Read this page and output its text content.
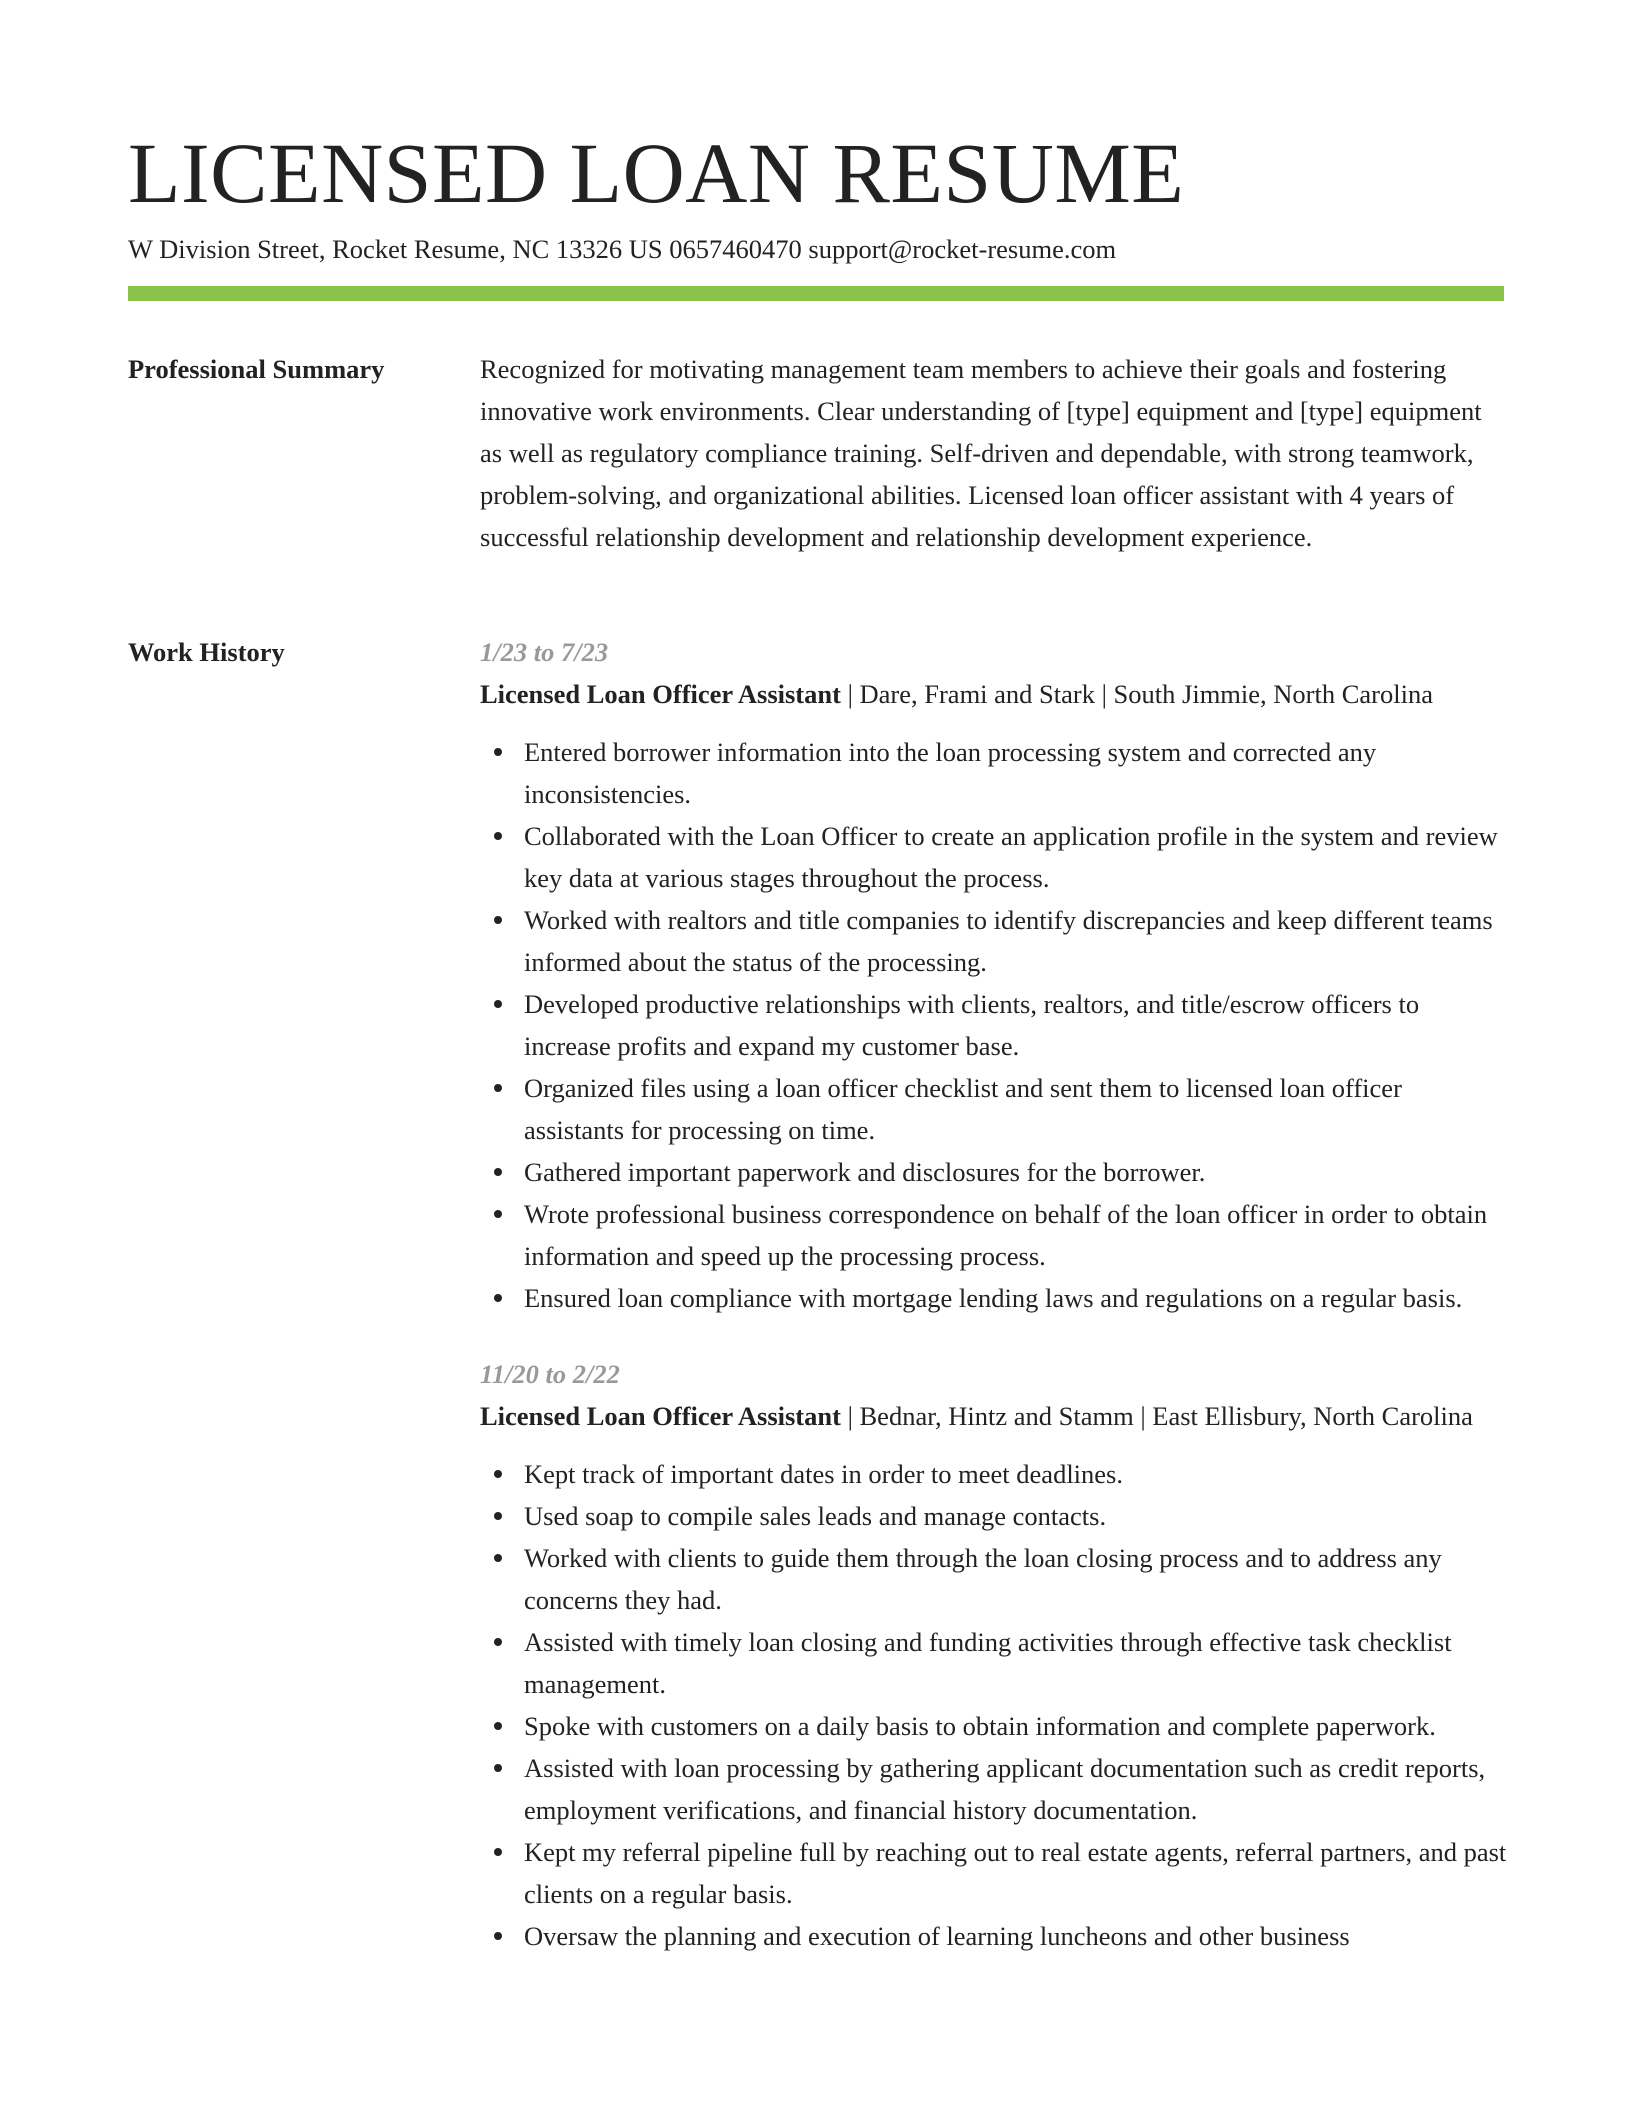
LICENSED LOAN RESUME
W Division Street, Rocket Resume, NC 13326 US 0657460470 support@rocket-resume.com
Professional Summary	Recognized for motivating management team members to achieve their goals and fostering innovative work environments. Clear understanding of [type] equipment and [type] equipment as well as regulatory compliance training. Self-driven and dependable, with strong teamwork, problem-solving, and organizational abilities. Licensed loan officer assistant with 4 years of successful relationship development and relationship development experience.

Work History	1/23 to 7/23
Licensed Loan Officer Assistant | Dare, Frami and Stark | South Jimmie, North Carolina
Entered borrower information into the loan processing system and corrected any inconsistencies.
Collaborated with the Loan Officer to create an application profile in the system and review key data at various stages throughout the process.
Worked with realtors and title companies to identify discrepancies and keep different teams informed about the status of the processing.
Developed productive relationships with clients, realtors, and title/escrow officers to increase profits and expand my customer base.
Organized files using a loan officer checklist and sent them to licensed loan officer assistants for processing on time.
Gathered important paperwork and disclosures for the borrower.
Wrote professional business correspondence on behalf of the loan officer in order to obtain information and speed up the processing process.
Ensured loan compliance with mortgage lending laws and regulations on a regular basis.
11/20 to 2/22
Licensed Loan Officer Assistant | Bednar, Hintz and Stamm | East Ellisbury, North Carolina
Kept track of important dates in order to meet deadlines.
Used soap to compile sales leads and manage contacts.
Worked with clients to guide them through the loan closing process and to address any concerns they had.
Assisted with timely loan closing and funding activities through effective task checklist management.
Spoke with customers on a daily basis to obtain information and complete paperwork.
Assisted with loan processing by gathering applicant documentation such as credit reports, employment verifications, and financial history documentation.
Kept my referral pipeline full by reaching out to real estate agents, referral partners, and past clients on a regular basis.
Oversaw the planning and execution of learning luncheons and other business
